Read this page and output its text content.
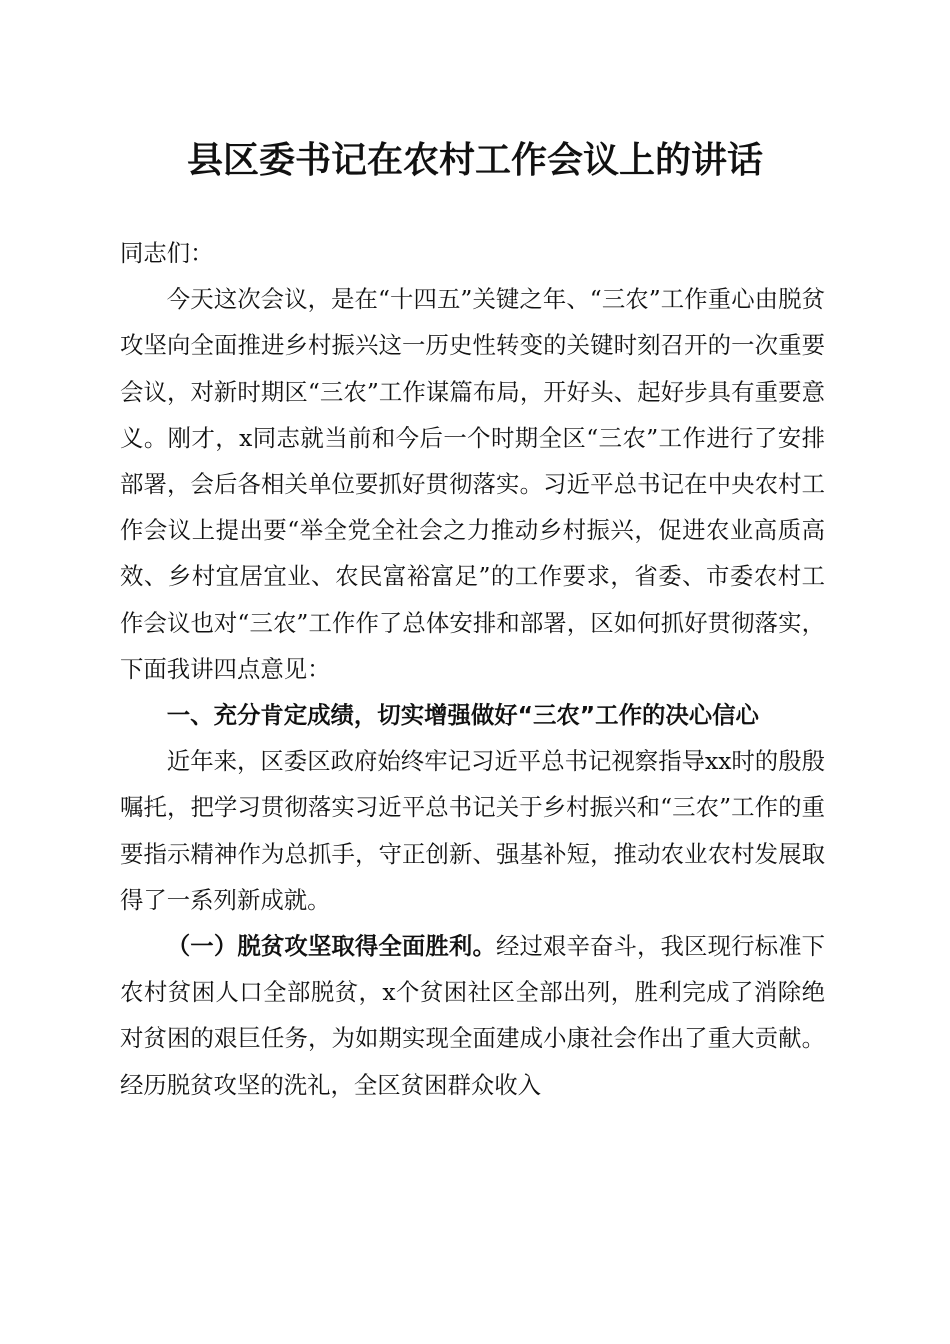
县区委书记在农村工作会议上的讲话

同志们：

今天这次会议，是在“十四五”关键之年、“三农”工作重心由脱贫攻坚向全面推进乡村振兴这一历史性转变的关键时刻召开的一次重要会议，对新时期区“三农”工作谋篇布局，开好头、起好步具有重要意义。刚才，x同志就当前和今后一个时期全区“三农”工作进行了安排部署，会后各相关单位要抓好贯彻落实。习近平总书记在中央农村工作会议上提出要“举全党全社会之力推动乡村振兴，促进农业高质高效、乡村宜居宜业、农民富裕富足”的工作要求，省委、市委农村工作会议也对“三农”工作作了总体安排和部署，区如何抓好贯彻落实，下面我讲四点意见：

一、充分肯定成绩，切实增强做好“三农”工作的决心信心

近年来，区委区政府始终牢记习近平总书记视察指导xx时的殷殷嘱托，把学习贯彻落实习近平总书记关于乡村振兴和“三农”工作的重要指示精神作为总抓手，守正创新、强基补短，推动农业农村发展取得了一系列新成就。

（一）脱贫攻坚取得全面胜利。经过艰辛奋斗，我区现行标准下农村贫困人口全部脱贫，x个贫困社区全部出列，胜利完成了消除绝对贫困的艰巨任务，为如期实现全面建成小康社会作出了重大贡献。经历脱贫攻坚的洗礼，全区贫困群众收入
